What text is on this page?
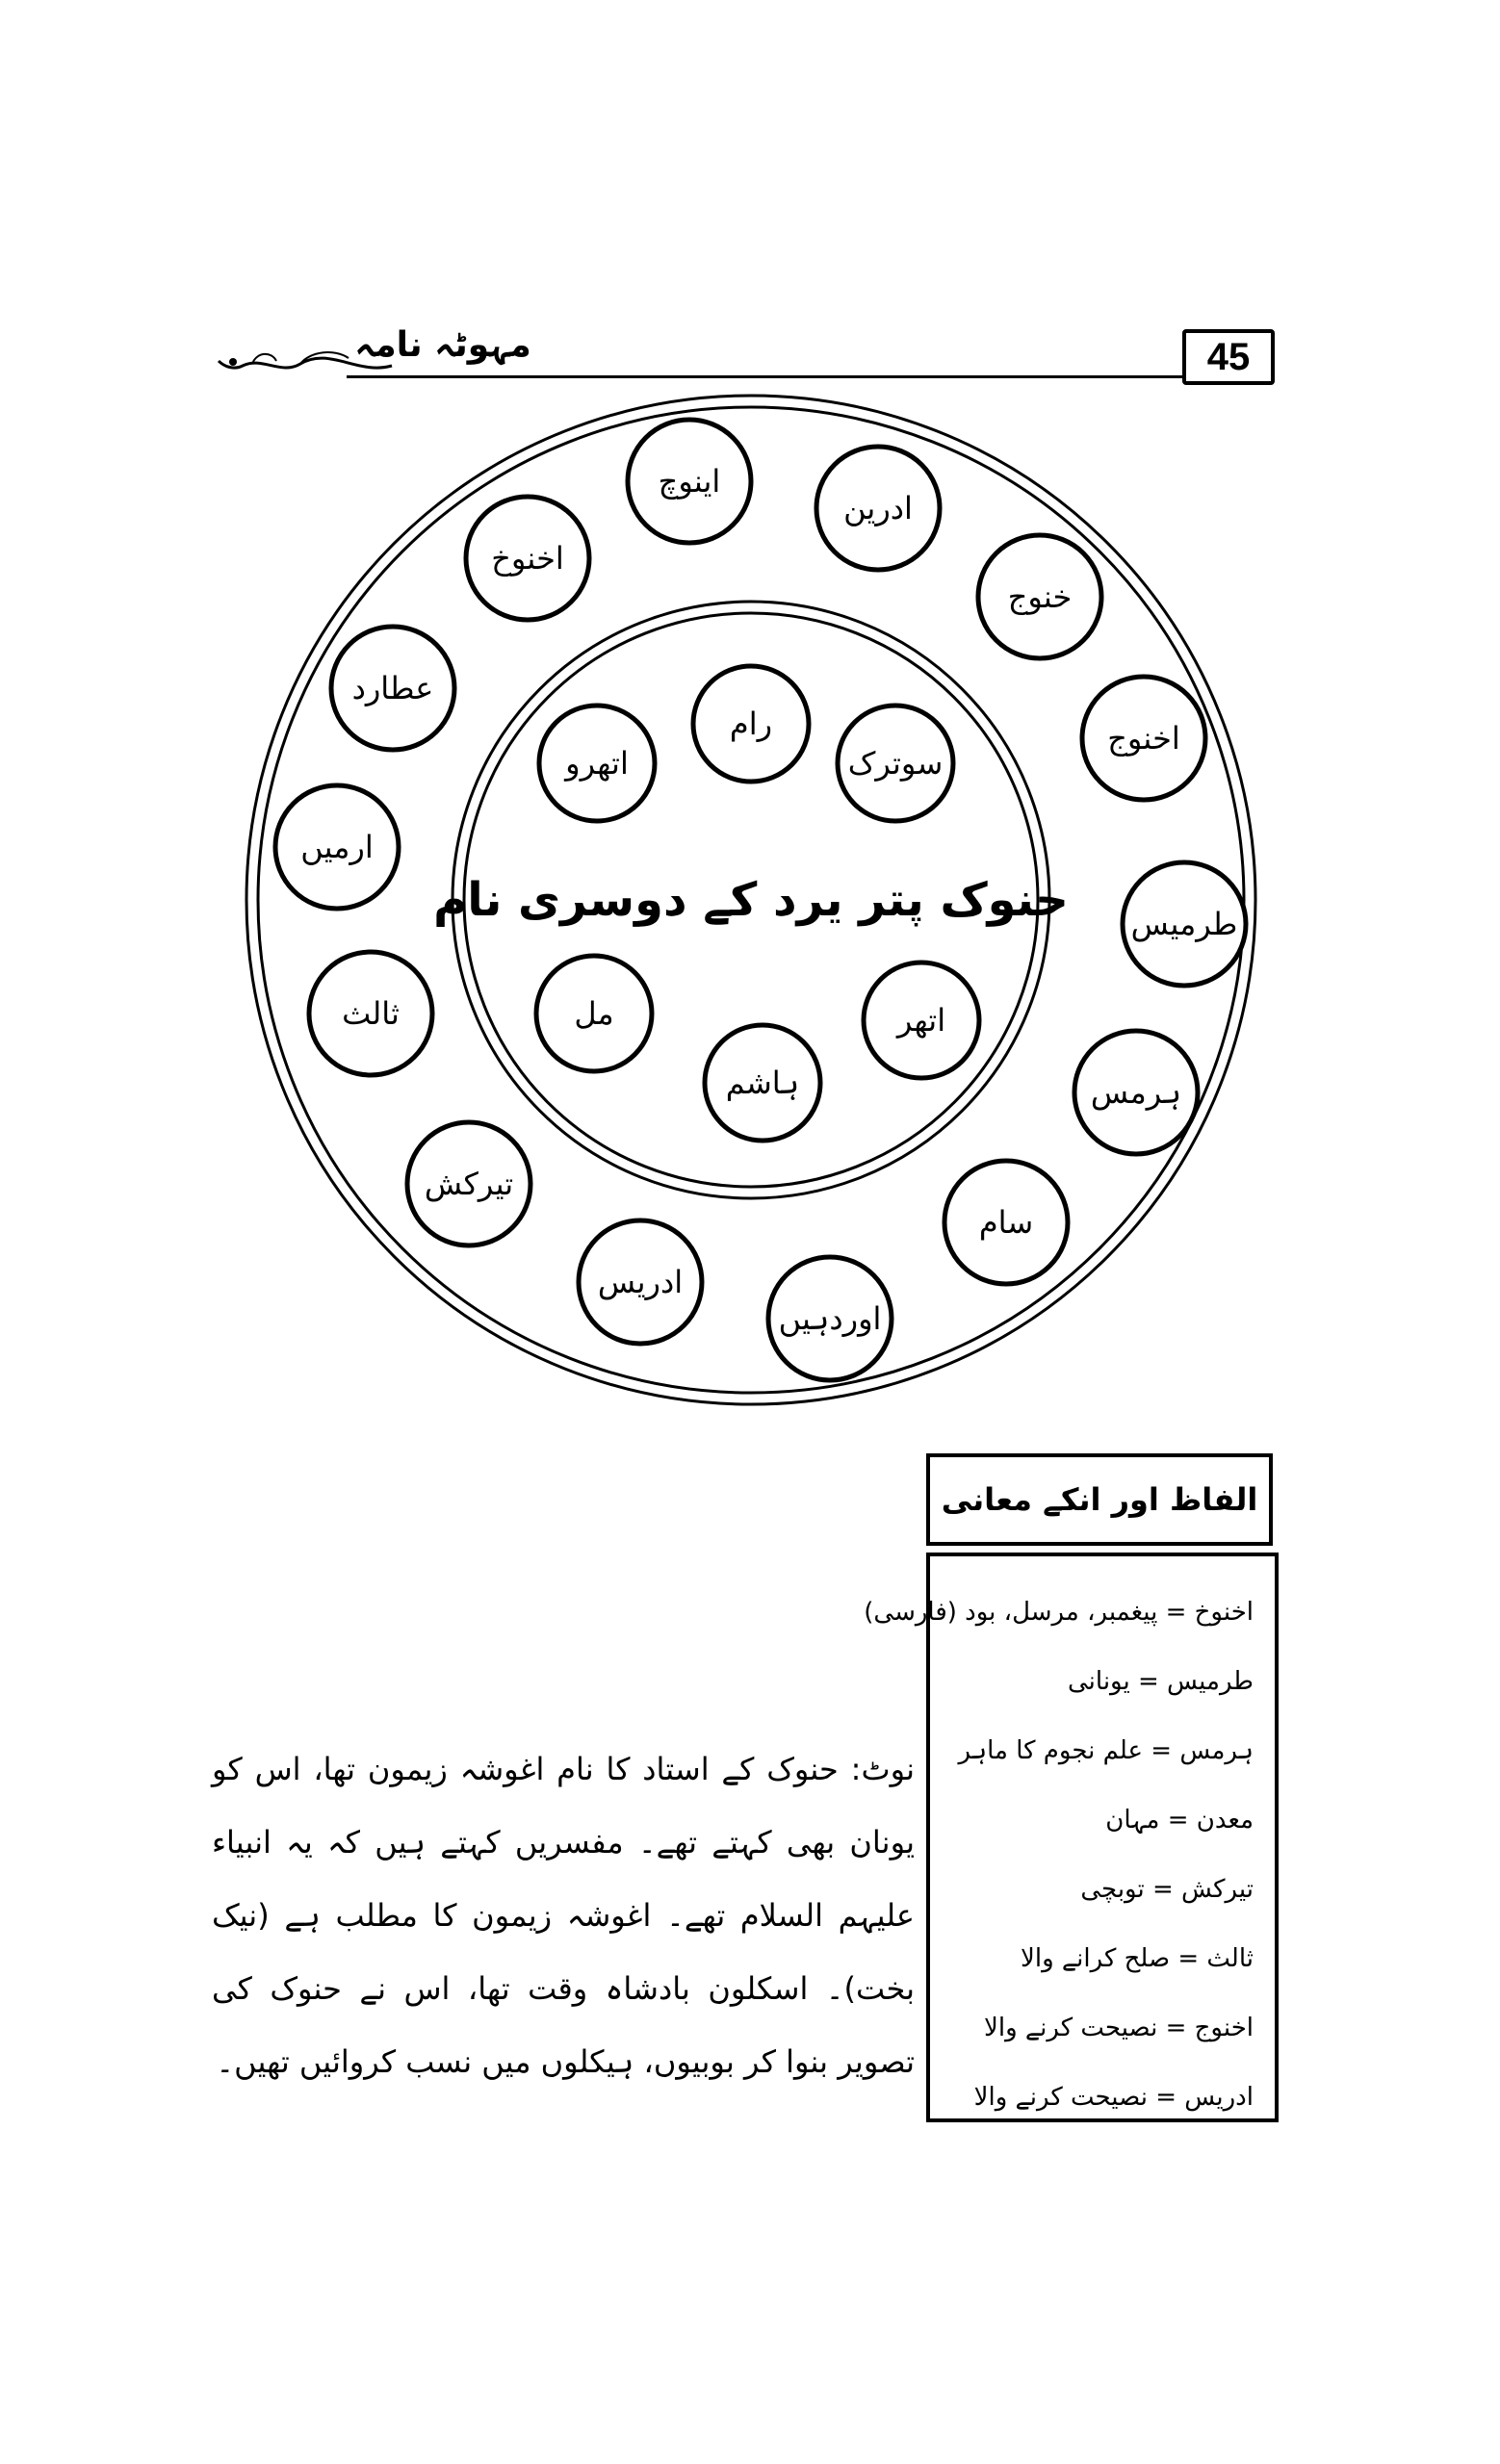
مہوٹہ نامہ	45
ادرین
خنوج
اخنوج
طرمیس
ہرمس
سام
اوردہیں
ادریس
تیرکش
ثالث
ارمیں
عطارد
اخنوخ
اینوچ
رام
سوترک
اتھر
ہاشم
مل
اتھرو
حنوک پتر یرد کے دوسری نام
الفاظ اور انکے معانی
اخنوخ = پیغمبر، مرسل، بود (فارسی)
طرمیس = یونانی
ہرمس = علم نجوم کا ماہر
معدن = مہان
تیرکش = توبچی
ثالث = صلح کرانے والا
اخنوج = نصیحت کرنے والا
ادریس = نصیحت کرنے والا
نوٹ: حنوک کے استاد کا نام اغوشہ زیمون تھا، اس کو یونان بھی کہتے تھے۔ مفسریں کہتے ہیں کہ یہ انبیاء علیہم السلام تھے۔ اغوشہ زیمون کا مطلب ہے (نیک بخت)۔ اسکلون بادشاہ وقت تھا، اس نے حنوک کی تصویر بنوا کر بوبیوں، ہیکلوں میں نسب کروائیں تھیں۔
